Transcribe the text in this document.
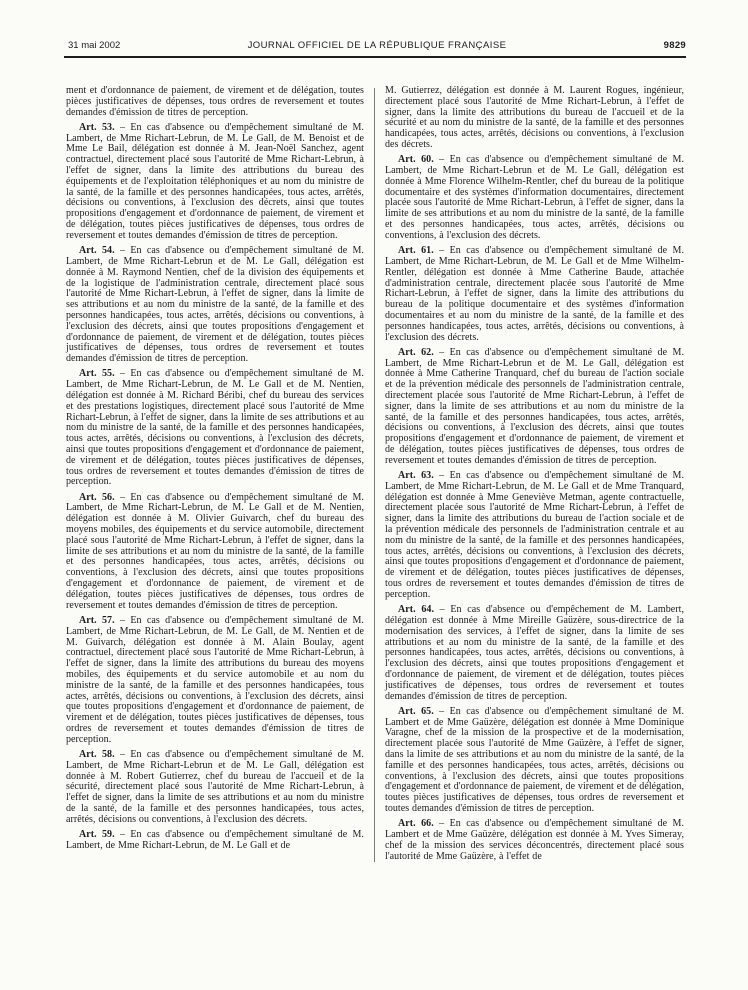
31 mai 2002	JOURNAL OFFICIEL DE LA RÉPUBLIQUE FRANÇAISE	9829

ment et d'ordonnance de paiement, de virement et de délégation, toutes pièces justificatives de dépenses, tous ordres de reversement et toutes demandes d'émission de titres de perception.

Art. 53. – En cas d'absence ou d'empêchement simultané de M. Lambert, de Mme Richart-Lebrun, de M. Le Gall, de M. Benoist et de Mme Le Bail, délégation est donnée à M. Jean-Noël Sanchez, agent contractuel, directement placé sous l'autorité de Mme Richart-Lebrun, à l'effet de signer, dans la limite des attributions du bureau des équipements et de l'exploitation téléphoniques et au nom du ministre de la santé, de la famille et des personnes handicapées, tous actes, arrêtés, décisions ou conventions, à l'exclusion des décrets, ainsi que toutes propositions d'engagement et d'ordonnance de paiement, de virement et de délégation, toutes pièces justificatives de dépenses, tous ordres de reversement et toutes demandes d'émission de titres de perception.

Art. 54. – En cas d'absence ou d'empêchement simultané de M. Lambert, de Mme Richart-Lebrun et de M. Le Gall, délégation est donnée à M. Raymond Nentien, chef de la division des équipements et de la logistique de l'administration centrale, directement placé sous l'autorité de Mme Richart-Lebrun, à l'effet de signer, dans la limite de ses attributions et au nom du ministre de la santé, de la famille et des personnes handicapées, tous actes, arrêtés, décisions ou conventions, à l'exclusion des décrets, ainsi que toutes propositions d'engagement et d'ordonnance de paiement, de virement et de délégation, toutes pièces justificatives de dépenses, tous ordres de reversement et toutes demandes d'émission de titres de perception.

Art. 55. – En cas d'absence ou d'empêchement simultané de M. Lambert, de Mme Richart-Lebrun, de M. Le Gall et de M. Nentien, délégation est donnée à M. Richard Béribi, chef du bureau des services et des prestations logistiques, directement placé sous l'autorité de Mme Richart-Lebrun, à l'effet de signer, dans la limite de ses attributions et au nom du ministre de la santé, de la famille et des personnes handicapées, tous actes, arrêtés, décisions ou conventions, à l'exclusion des décrets, ainsi que toutes propositions d'engagement et d'ordonnance de paiement, de virement et de délégation, toutes pièces justificatives de dépenses, tous ordres de reversement et toutes demandes d'émission de titres de perception.

Art. 56. – En cas d'absence ou d'empêchement simultané de M. Lambert, de Mme Richart-Lebrun, de M. Le Gall et de M. Nentien, délégation est donnée à M. Olivier Guivarch, chef du bureau des moyens mobiles, des équipements et du service automobile, directement placé sous l'autorité de Mme Richart-Lebrun, à l'effet de signer, dans la limite de ses attributions et au nom du ministre de la santé, de la famille et des personnes handicapées, tous actes, arrêtés, décisions ou conventions, à l'exclusion des décrets, ainsi que toutes propositions d'engagement et d'ordonnance de paiement, de virement et de délégation, toutes pièces justificatives de dépenses, tous ordres de reversement et toutes demandes d'émission de titres de perception.

Art. 57. – En cas d'absence ou d'empêchement simultané de M. Lambert, de Mme Richart-Lebrun, de M. Le Gall, de M. Nentien et de M. Guivarch, délégation est donnée à M. Alain Boulay, agent contractuel, directement placé sous l'autorité de Mme Richart-Lebrun, à l'effet de signer, dans la limite des attributions du bureau des moyens mobiles, des équipements et du service automobile et au nom du ministre de la santé, de la famille et des personnes handicapées, tous actes, arrêtés, décisions ou conventions, à l'exclusion des décrets, ainsi que toutes propositions d'engagement et d'ordonnance de paiement, de virement et de délégation, toutes pièces justificatives de dépenses, tous ordres de reversement et toutes demandes d'émission de titres de perception.

Art. 58. – En cas d'absence ou d'empêchement simultané de M. Lambert, de Mme Richart-Lebrun et de M. Le Gall, délégation est donnée à M. Robert Gutierrez, chef du bureau de l'accueil et de la sécurité, directement placé sous l'autorité de Mme Richart-Lebrun, à l'effet de signer, dans la limite de ses attributions et au nom du ministre de la santé, de la famille et des personnes handicapées, tous actes, arrêtés, décisions ou conventions, à l'exclusion des décrets.

Art. 59. – En cas d'absence ou d'empêchement simultané de M. Lambert, de Mme Richart-Lebrun, de M. Le Gall et de

M. Gutierrez, délégation est donnée à M. Laurent Rogues, ingénieur, directement placé sous l'autorité de Mme Richart-Lebrun, à l'effet de signer, dans la limite des attributions du bureau de l'accueil et de la sécurité et au nom du ministre de la santé, de la famille et des personnes handicapées, tous actes, arrêtés, décisions ou conventions, à l'exclusion des décrets.

Art. 60. – En cas d'absence ou d'empêchement simultané de M. Lambert, de Mme Richart-Lebrun et de M. Le Gall, délégation est donnée à Mme Florence Wilhelm-Rentler, chef du bureau de la politique documentaire et des systèmes d'information documentaires, directement placée sous l'autorité de Mme Richart-Lebrun, à l'effet de signer, dans la limite de ses attributions et au nom du ministre de la santé, de la famille et des personnes handicapées, tous actes, arrêtés, décisions ou conventions, à l'exclusion des décrets.

Art. 61. – En cas d'absence ou d'empêchement simultané de M. Lambert, de Mme Richart-Lebrun, de M. Le Gall et de Mme Wilhelm-Rentler, délégation est donnée à Mme Catherine Baude, attachée d'administration centrale, directement placée sous l'autorité de Mme Richart-Lebrun, à l'effet de signer, dans la limite des attributions du bureau de la politique documentaire et des systèmes d'information documentaires et au nom du ministre de la santé, de la famille et des personnes handicapées, tous actes, arrêtés, décisions ou conventions, à l'exclusion des décrets.

Art. 62. – En cas d'absence ou d'empêchement simultané de M. Lambert, de Mme Richart-Lebrun et de M. Le Gall, délégation est donnée à Mme Catherine Tranquard, chef du bureau de l'action sociale et de la prévention médicale des personnels de l'administration centrale, directement placée sous l'autorité de Mme Richart-Lebrun, à l'effet de signer, dans la limite de ses attributions et au nom du ministre de la santé, de la famille et des personnes handicapées, tous actes, arrêtés, décisions ou conventions, à l'exclusion des décrets, ainsi que toutes propositions d'engagement et d'ordonnance de paiement, de virement et de délégation, toutes pièces justificatives de dépenses, tous ordres de reversement et toutes demandes d'émission de titres de perception.

Art. 63. – En cas d'absence ou d'empêchement simultané de M. Lambert, de Mme Richart-Lebrun, de M. Le Gall et de Mme Tranquard, délégation est donnée à Mme Geneviève Metman, agente contractuelle, directement placée sous l'autorité de Mme Richart-Lebrun, à l'effet de signer, dans la limite des attributions du bureau de l'action sociale et de la prévention médicale des personnels de l'administration centrale et au nom du ministre de la santé, de la famille et des personnes handicapées, tous actes, arrêtés, décisions ou conventions, à l'exclusion des décrets, ainsi que toutes propositions d'engagement et d'ordonnance de paiement, de virement et de délégation, toutes pièces justificatives de dépenses, tous ordres de reversement et toutes demandes d'émission de titres de perception.

Art. 64. – En cas d'absence ou d'empêchement de M. Lambert, délégation est donnée à Mme Mireille Gaüzère, sous-directrice de la modernisation des services, à l'effet de signer, dans la limite de ses attributions et au nom du ministre de la santé, de la famille et des personnes handicapées, tous actes, arrêtés, décisions ou conventions, à l'exclusion des décrets, ainsi que toutes propositions d'engagement et d'ordonnance de paiement, de virement et de délégation, toutes pièces justificatives de dépenses, tous ordres de reversement et toutes demandes d'émission de titres de perception.

Art. 65. – En cas d'absence ou d'empêchement simultané de M. Lambert et de Mme Gaüzère, délégation est donnée à Mme Dominique Varagne, chef de la mission de la prospective et de la modernisation, directement placée sous l'autorité de Mme Gaüzère, à l'effet de signer, dans la limite de ses attributions et au nom du ministre de la santé, de la famille et des personnes handicapées, tous actes, arrêtés, décisions ou conventions, à l'exclusion des décrets, ainsi que toutes propositions d'engagement et d'ordonnance de paiement, de virement et de délégation, toutes pièces justificatives de dépenses, tous ordres de reversement et toutes demandes d'émission de titres de perception.

Art. 66. – En cas d'absence ou d'empêchement simultané de M. Lambert et de Mme Gaüzère, délégation est donnée à M. Yves Simeray, chef de la mission des services déconcentrés, directement placé sous l'autorité de Mme Gaüzère, à l'effet de
